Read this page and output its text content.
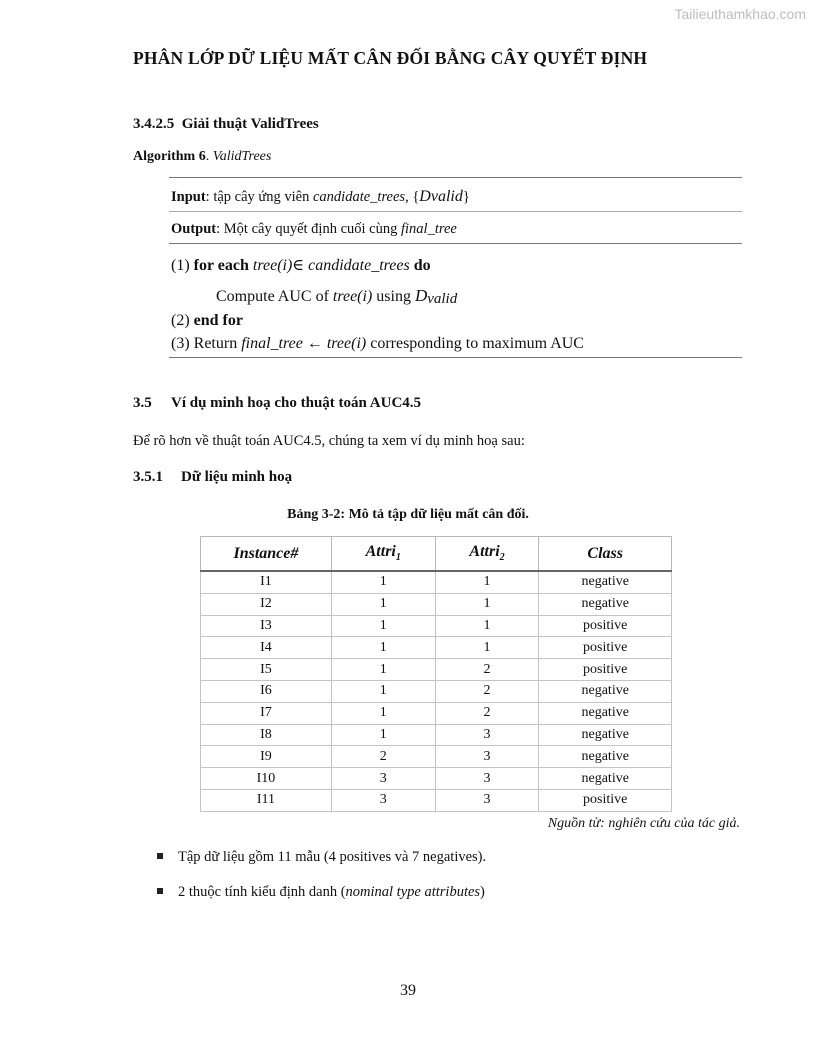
Tailieuthamkhao.com
PHÂN LỚP DỮ LIỆU MẤT CÂN ĐỐI BẰNG CÂY QUYẾT ĐỊNH
3.4.2.5 Giải thuật ValidTrees
Algorithm 6. ValidTrees
Input: tập cây ứng viên candidate_trees, {Dvalid}
Output: Một cây quyết định cuối cùng final_tree
(1) for each tree(i)∈ candidate_trees do
Compute AUC of tree(i) using Dvalid
(2) end for
(3) Return final_tree ← tree(i) corresponding to maximum AUC
3.5 Ví dụ minh hoạ cho thuật toán AUC4.5
Để rõ hơn về thuật toán AUC4.5, chúng ta xem ví dụ minh hoạ sau:
3.5.1 Dữ liệu minh hoạ
Bảng 3-2: Mô tả tập dữ liệu mất cân đối.
Instance#	Attri$_1$	Attri$_2$	Class
I1	1	1	negative
I2	1	1	negative
I3	1	1	positive
I4	1	1	positive
I5	1	2	positive
I6	1	2	negative
I7	1	2	negative
I8	1	3	negative
I9	2	3	negative
I10	3	3	negative
I11	3	3	positive
Nguồn từ: nghiên cứu của tác giả.
Tập dữ liệu gồm 11 mẫu (4 positives và 7 negatives).
2 thuộc tính kiểu định danh (nominal type attributes)
39
